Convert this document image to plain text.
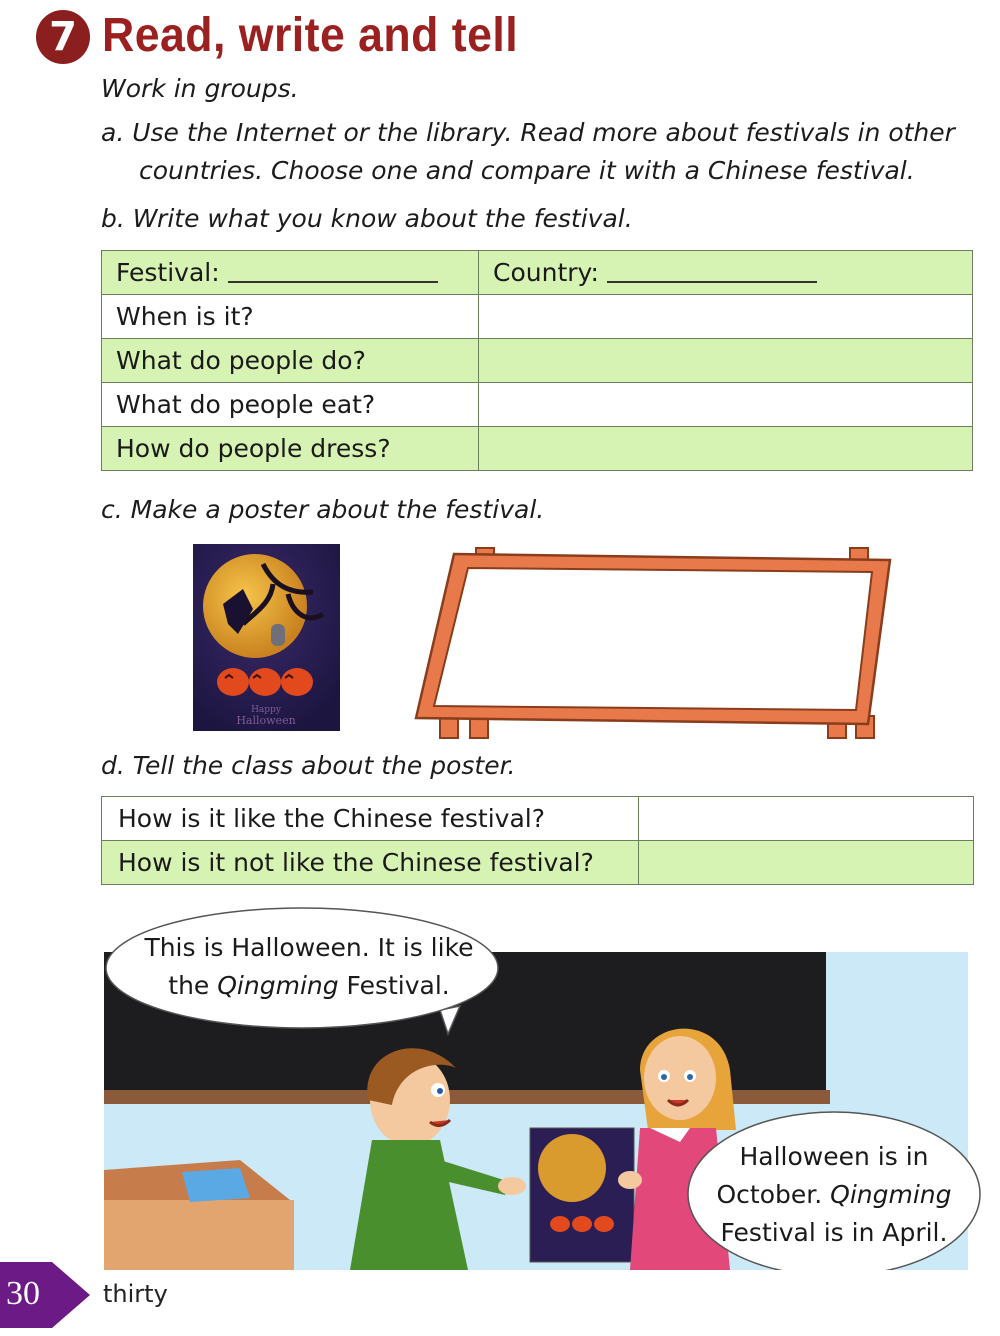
7 Read, write and tell
Work in groups.
a. Use the Internet or the library. Read more about festivals in other
countries. Choose one and compare it with a Chinese festival.
b. Write what you know about the festival.
Festival:	Country:
When is it?	
What do people do?	
What do people eat?	
How do people dress?	
c. Make a poster about the festival.
Happy
Halloween
d. Tell the class about the poster.
How is it like the Chinese festival?	
How is it not like the Chinese festival?	
This is Halloween. It is like
the Qingming Festival.
Halloween is in
October. Qingming
Festival is in April.
30	thirty
